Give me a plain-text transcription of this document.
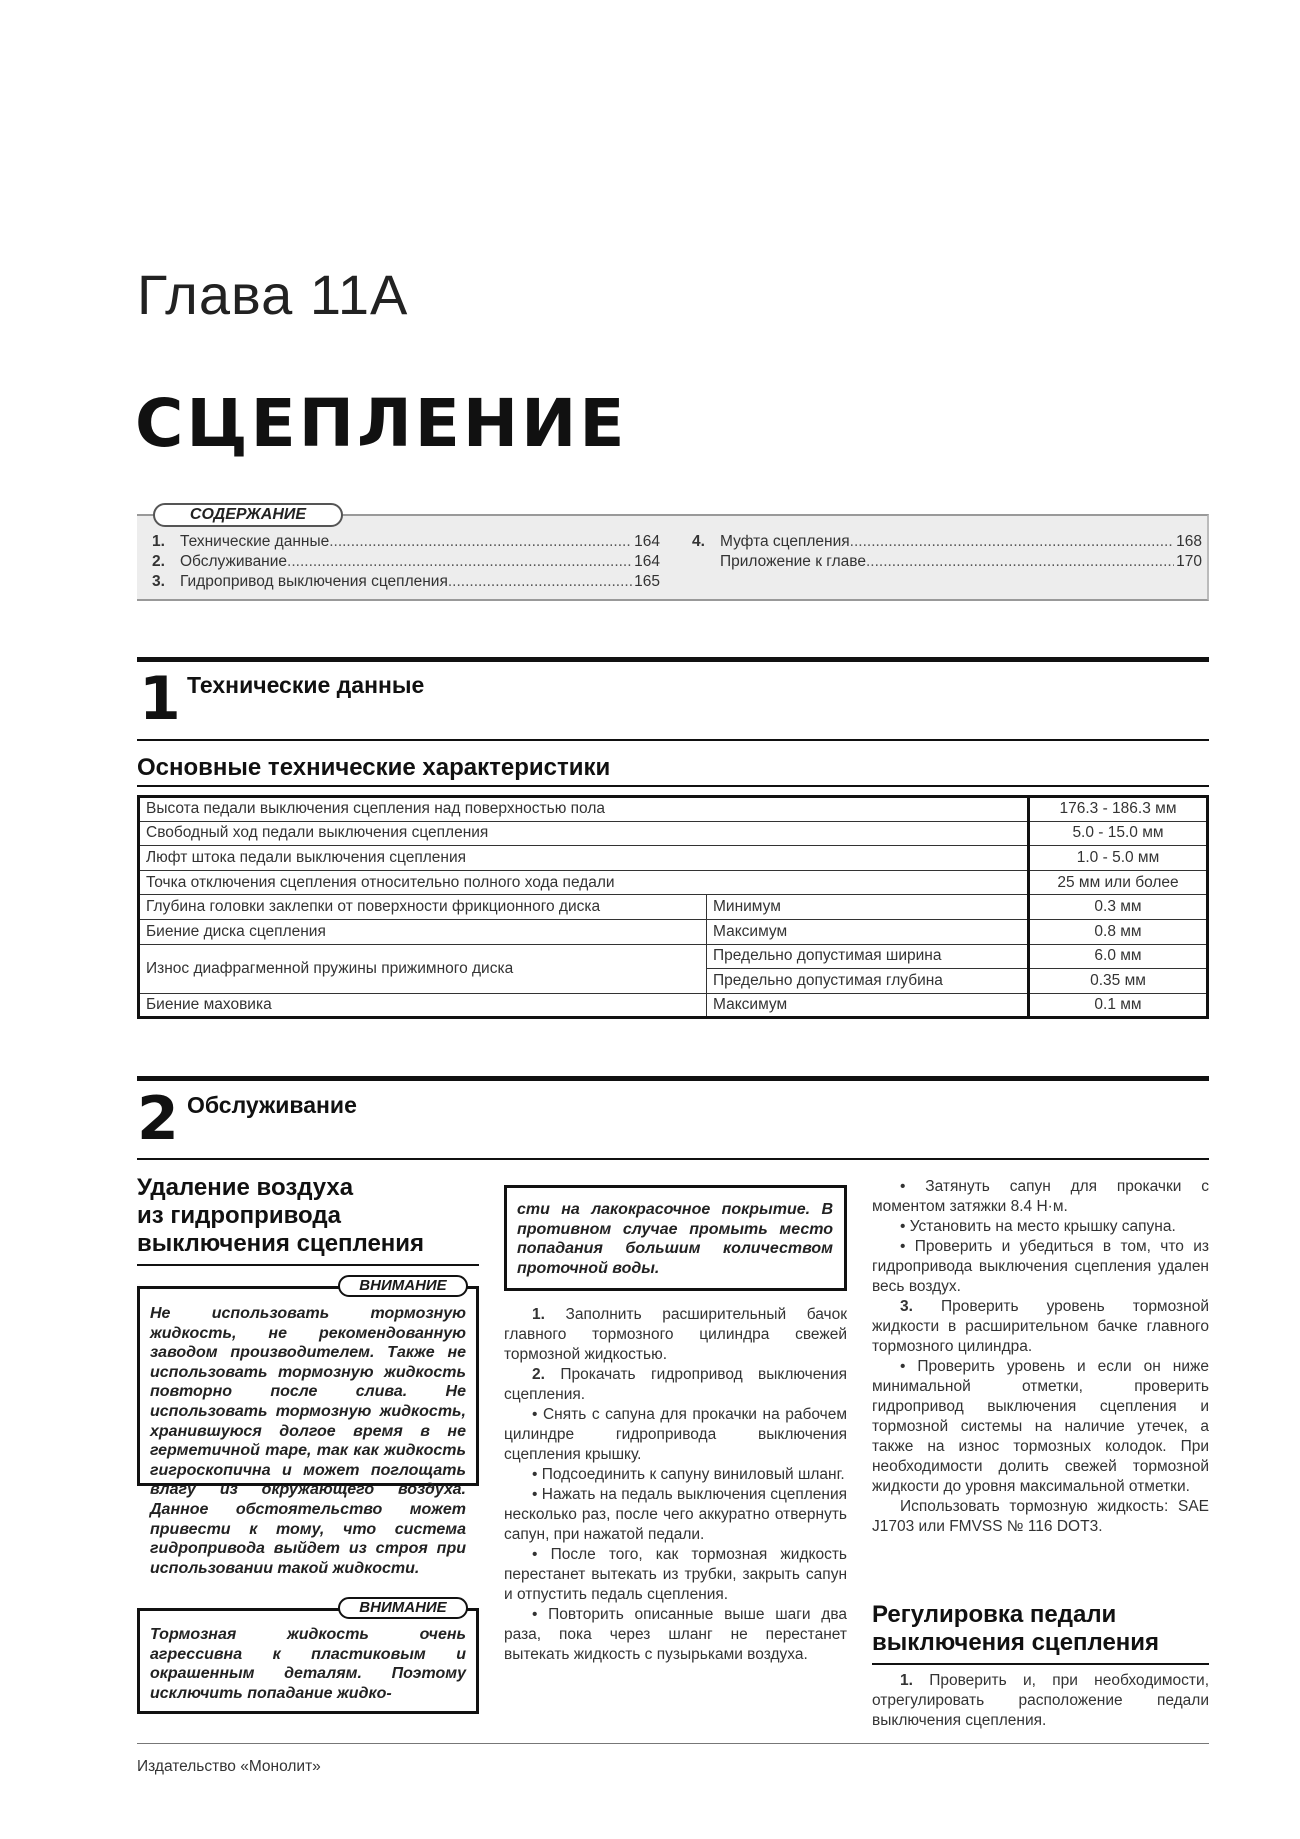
Глава 11А
СЦЕПЛЕНИЕ
СОДЕРЖАНИЕ
1. Технические данные .....	164
2. Обслуживание .....	164
3. Гидропривод выключения сцепления .....	165
4. Муфта сцепления .....	168
Приложение к главе .....	170
1 Технические данные
Основные технические характеристики
Высота педали выключения сцепления над поверхностью пола		176.3 - 186.3 мм
Свободный ход педали выключения сцепления		5.0 - 15.0 мм
Люфт штока педали выключения сцепления		1.0 - 5.0 мм
Точка отключения сцепления относительно полного хода педали		25 мм или более
Глубина головки заклепки от поверхности фрикционного диска	Минимум	0.3 мм
Биение диска сцепления	Максимум	0.8 мм
Износ диафрагменной пружины прижимного диска	Предельно допустимая ширина	6.0 мм
	Предельно допустимая глубина	0.35 мм
Биение маховика	Максимум	0.1 мм
2 Обслуживание
Удаление воздуха
из гидропривода
выключения сцепления
ВНИМАНИЕ
Не использовать тормозную жидкость, не рекомендованную заводом производителем. Также не использовать тормозную жидкость повторно после слива. Не использовать тормозную жидкость, хранившуюся долгое время в не герметичной таре, так как жидкость гигроскопична и может поглощать влагу из окружающего воздуха. Данное обстоятельство может привести к тому, что система гидропривода выйдет из строя при использовании такой жидкости.
ВНИМАНИЕ
Тормозная жидкость очень агрессивна к пластиковым и окрашенным деталям. Поэтому исключить попадание жидко-
сти на лакокрасочное покрытие. В противном случае промыть место попадания большим количеством проточной воды.

1. Заполнить расширительный бачок главного тормозного цилиндра свежей тормозной жидкостью.

2. Прокачать гидропривод выключения сцепления.

• Снять с сапуна для прокачки на рабочем цилиндре гидропривода выключения сцепления крышку.

• Подсоединить к сапуну виниловый шланг.

• Нажать на педаль выключения сцепления несколько раз, после чего аккуратно отвернуть сапун, при нажатой педали.

• После того, как тормозная жидкость перестанет вытекать из трубки, закрыть сапун и отпустить педаль сцепления.

• Повторить описанные выше шаги два раза, пока через шланг не перестанет вытекать жидкость с пузырьками воздуха.

• Затянуть сапун для прокачки с моментом затяжки 8.4 Н·м.

• Установить на место крышку сапуна.

• Проверить и убедиться в том, что из гидропривода выключения сцепления удален весь воздух.

3. Проверить уровень тормозной жидкости в расширительном бачке главного тормозного цилиндра.

• Проверить уровень и если он ниже минимальной отметки, проверить гидропривод выключения сцепления и тормозной системы на наличие утечек, а также на износ тормозных колодок. При необходимости долить свежей тормозной жидкости до уровня максимальной отметки.

Использовать тормозную жидкость: SAE J1703 или FMVSS № 116 DOT3.

Регулировка педали
выключения сцепления

1. Проверить и, при необходимости, отрегулировать расположение педали выключения сцепления.

Издательство «Монолит»
